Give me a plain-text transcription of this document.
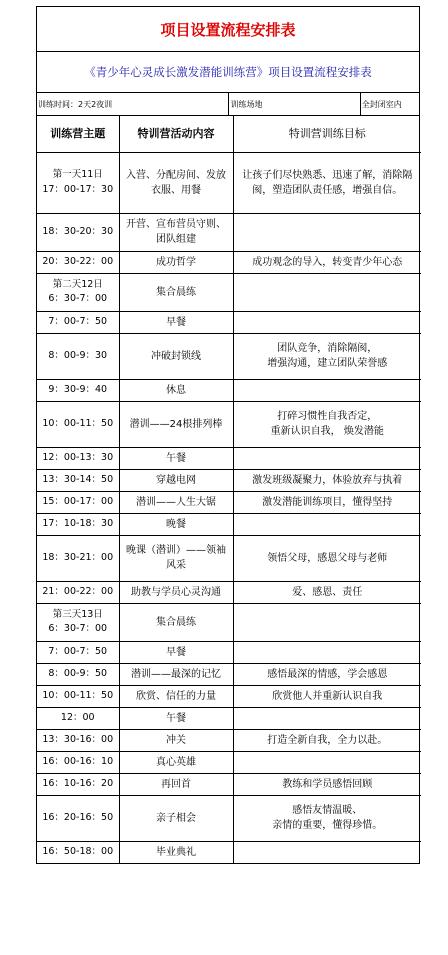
项目设置流程安排表
《青少年心灵成长激发潜能训练营》项目设置流程安排表
训练时间：2天2夜训	训练场地	全封闭室内
训练营主题	特训营活动内容	特训营训练目标
第一天11日
17：00-17：30	入营、分配房间、发放衣服、用餐	让孩子们尽快熟悉、迅速了解，消除隔阂，塑造团队责任感，增强自信。
18：30-20：30	开营、宣布营员守则、团队组建	
20：30-22：00	成功哲学	成功观念的导入，转变青少年心态
第二天12日
6：30-7：00	集合晨练	
7：00-7：50	早餐	
8：00-9：30	冲破封锁线	团队竞争，消除隔阂，
增强沟通，建立团队荣誉感
9：30-9：40	休息	
10：00-11：50	潜训——24根排列棒	打碎习惯性自我否定，
重新认识自我， 焕发潜能
12：00-13：30	午餐	
13：30-14：50	穿越电网	激发班级凝聚力，体验放弃与执着
15：00-17：00	潜训——人生大锯	激发潜能训练项目，懂得坚持
17：10-18：30	晚餐	
18：30-21：00	晚课（潜训）——领袖风采	领悟父母，感恩父母与老师
21：00-22：00	助教与学员心灵沟通	爱、感恩、责任
第三天13日
6：30-7：00	集合晨练	
7：00-7：50	早餐	
8：00-9：50	潜训——最深的记忆	感悟最深的情感，学会感恩
10：00-11：50	欣赏、信任的力量	欣赏他人并重新认识自我
12：00	午餐	
13：30-16：00	冲关	打造全新自我，全力以赴。
16：00-16：10	真心英雄	
16：10-16：20	再回首	教练和学员感悟回顾
16：20-16：50	亲子相会	感悟友情温暖、
亲情的重要，懂得珍惜。
16：50-18：00	毕业典礼	
